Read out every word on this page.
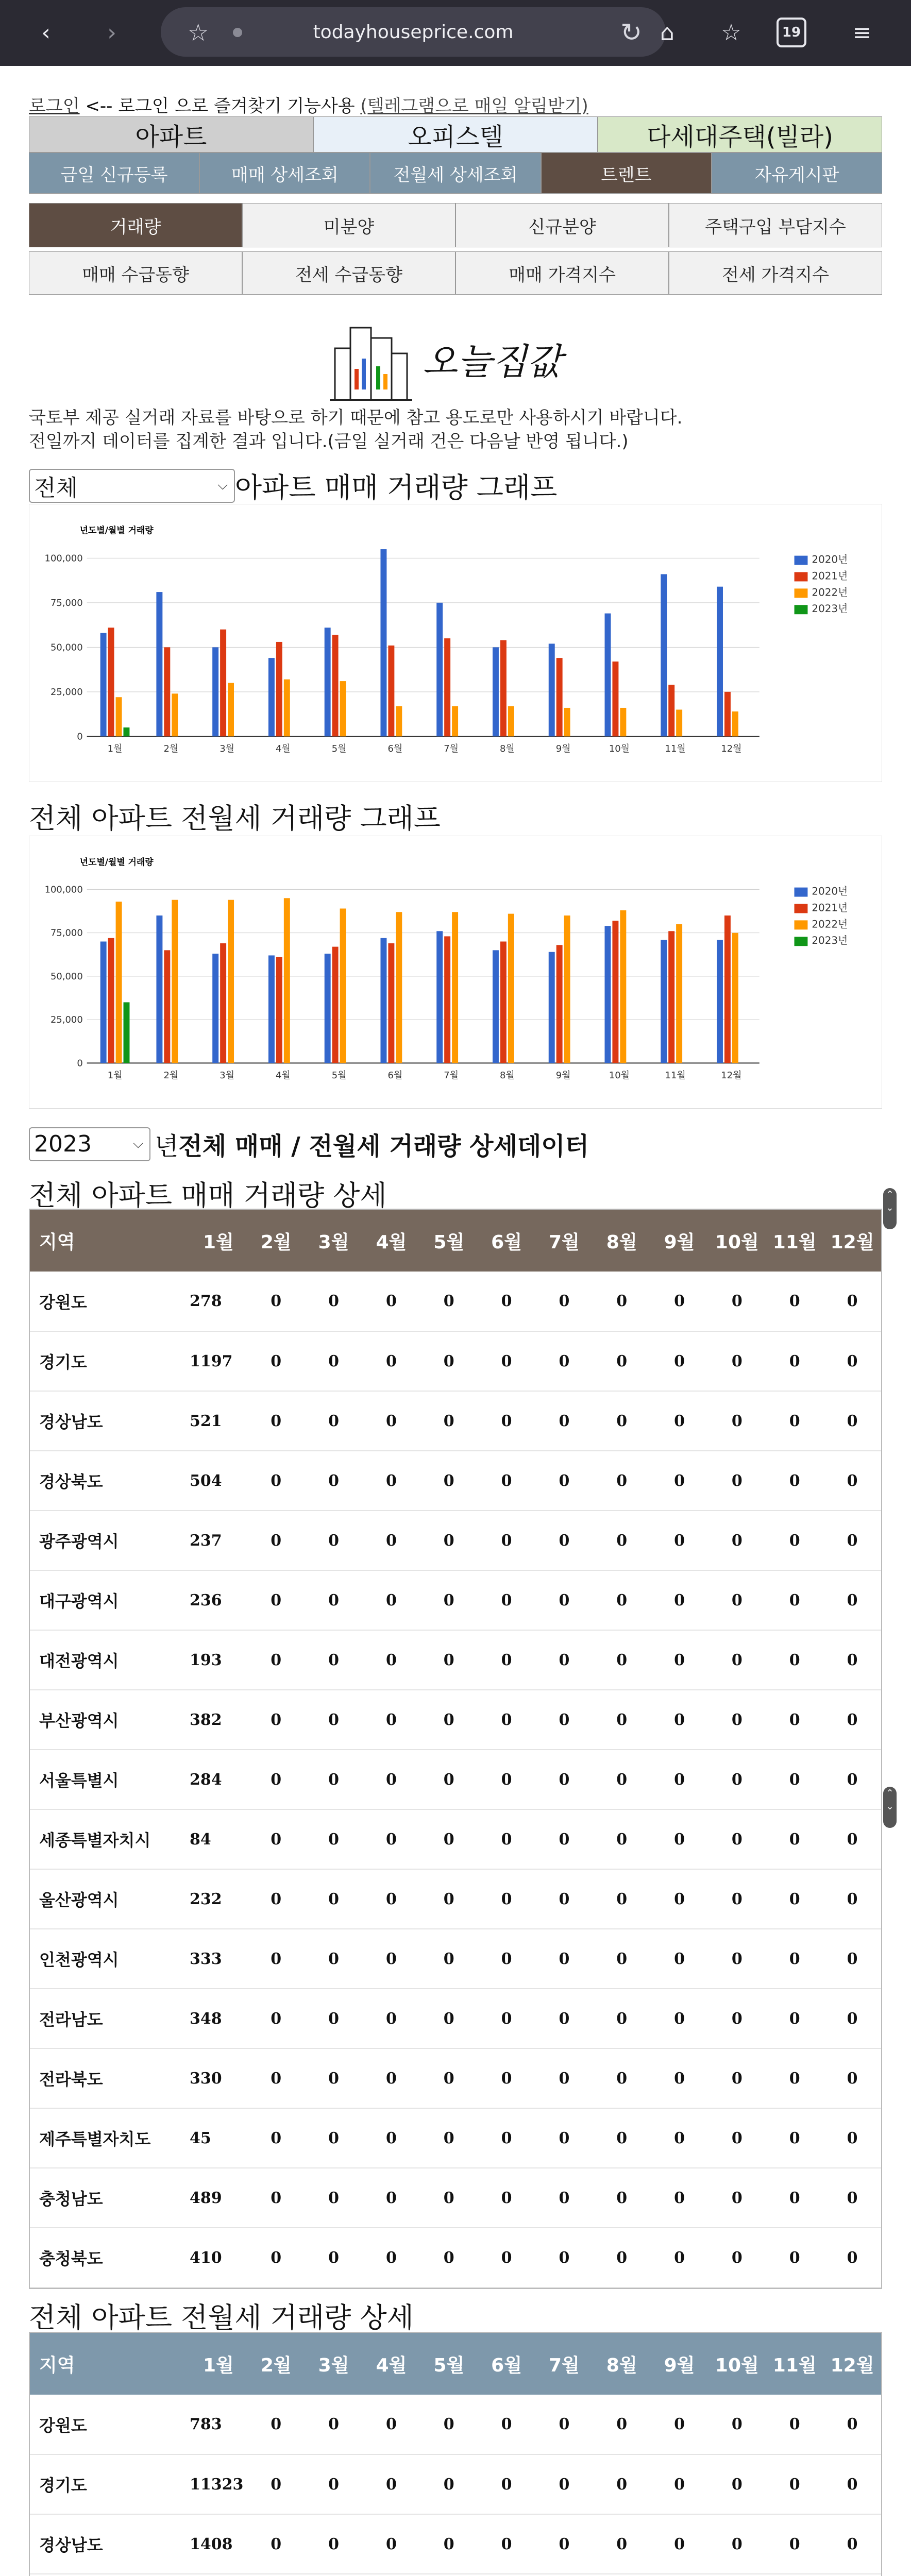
‹	›	☆	todayhouseprice.com	↻ ⌂	☆	19	≡
로그인 <-- 로그인 으로 즐겨찾기 기능사용 (텔레그램으로 매일 알림받기)
아파트	오피스텔	다세대주택(빌라)
금일 신규등록	매매 상세조회	전월세 상세조회	트렌트	자유게시판
거래량	미분양	신규분양	주택구입 부담지수
매매 수급동향	전세 수급동향	매매 가격지수	전세 가격지수
오늘집값
국토부 제공 실거래 자료를 바탕으로 하기 때문에 참고 용도로만 사용하시기 바랍니다.
전일까지 데이터를 집계한 결과 입니다.(금일 실거래 건은 다음날 반영 됩니다.)
전체	⌵ 아파트 매매 거래량 그래프
년도별/월별 거래량
0
25,000
50,000
75,000
100,000
1월	2월	3월	4월	5월	6월	7월	8월	9월	10월	11월	12월
2020년
2021년
2022년
2023년
전체 아파트 전월세 거래량 그래프
년도별/월별 거래량
0
25,000
50,000
75,000
100,000
1월	2월	3월	4월	5월	6월	7월	8월	9월	10월	11월	12월
2020년
2021년
2022년
2023년
2023	⌵ 년 전체 매매 / 전월세 거래량 상세데이터
전체 아파트 매매 거래량 상세
지역	1월	2월	3월	4월	5월	6월	7월	8월	9월	10월	11월	12월
강원도	278	0	0	0	0	0	0	0	0	0	0	0
경기도	1197	0	0	0	0	0	0	0	0	0	0	0
경상남도	521	0	0	0	0	0	0	0	0	0	0	0
경상북도	504	0	0	0	0	0	0	0	0	0	0	0
광주광역시	237	0	0	0	0	0	0	0	0	0	0	0
대구광역시	236	0	0	0	0	0	0	0	0	0	0	0
대전광역시	193	0	0	0	0	0	0	0	0	0	0	0
부산광역시	382	0	0	0	0	0	0	0	0	0	0	0
서울특별시	284	0	0	0	0	0	0	0	0	0	0	0
세종특별자치시	84	0	0	0	0	0	0	0	0	0	0	0
울산광역시	232	0	0	0	0	0	0	0	0	0	0	0
인천광역시	333	0	0	0	0	0	0	0	0	0	0	0
전라남도	348	0	0	0	0	0	0	0	0	0	0	0
전라북도	330	0	0	0	0	0	0	0	0	0	0	0
제주특별자치도	45	0	0	0	0	0	0	0	0	0	0	0
충청남도	489	0	0	0	0	0	0	0	0	0	0	0
충청북도	410	0	0	0	0	0	0	0	0	0	0	0
⌃
⌄
⌃
⌄
전체 아파트 전월세 거래량 상세
지역	1월	2월	3월	4월	5월	6월	7월	8월	9월	10월	11월	12월
강원도	783	0	0	0	0	0	0	0	0	0	0	0
경기도	11323	0	0	0	0	0	0	0	0	0	0	0
경상남도	1408	0	0	0	0	0	0	0	0	0	0	0
